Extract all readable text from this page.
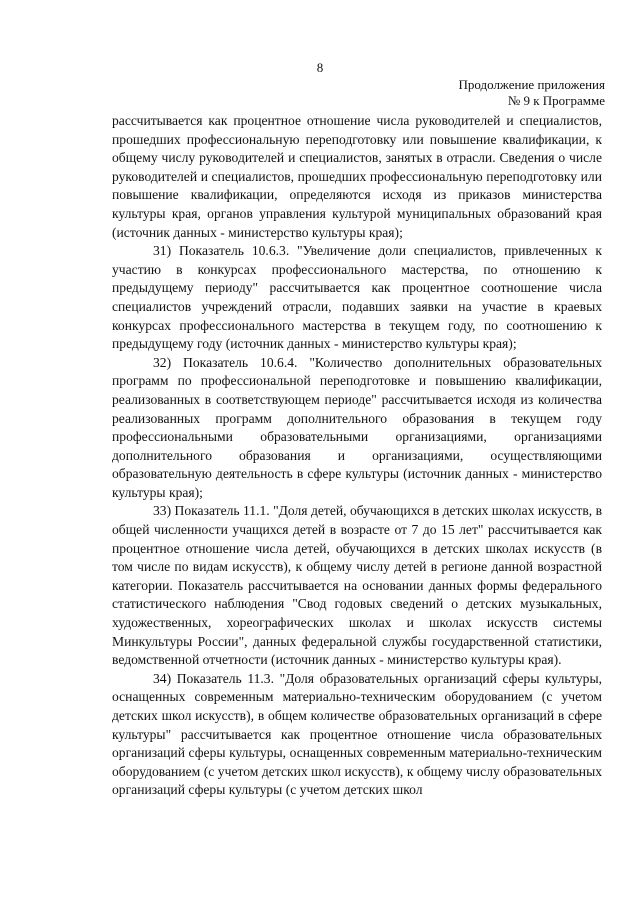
8
Продолжение приложения
№ 9 к Программе

рассчитывается как процентное отношение числа руководителей и специалистов, прошедших профессиональную переподготовку или повышение квалификации, к общему числу руководителей и специалистов, занятых в отрасли. Сведения о числе руководителей и специалистов, прошедших профессиональную переподготовку или повышение квалификации, определяются исходя из приказов министерства культуры края, органов управления культурой муниципальных образований края (источник данных - министерство культуры края);

31) Показатель 10.6.3. "Увеличение доли специалистов, привлеченных к участию в конкурсах профессионального мастерства, по отношению к предыдущему периоду" рассчитывается как процентное соотношение числа специалистов учреждений отрасли, подавших заявки на участие в краевых конкурсах профессионального мастерства в текущем году, по соотношению к предыдущему году (источник данных - министерство культуры края);

32) Показатель 10.6.4. "Количество дополнительных образовательных программ по профессиональной переподготовке и повышению квалификации, реализованных в соответствующем периоде" рассчитывается исходя из количества реализованных программ дополнительного образования в текущем году профессиональными образовательными организациями, организациями дополнительного образования и организациями, осуществляющими образовательную деятельность в сфере культуры (источник данных - министерство культуры края);

33) Показатель 11.1. "Доля детей, обучающихся в детских школах искусств, в общей численности учащихся детей в возрасте от 7 до 15 лет" рассчитывается как процентное отношение числа детей, обучающихся в детских школах искусств (в том числе по видам искусств), к общему числу детей в регионе данной возрастной категории. Показатель рассчитывается на основании данных формы федерального статистического наблюдения "Свод годовых сведений о детских музыкальных, художественных, хореографических школах и школах искусств системы Минкультуры России", данных федеральной службы государственной статистики, ведомственной отчетности (источник данных - министерство культуры края).

34) Показатель 11.3. "Доля образовательных организаций сферы культуры, оснащенных современным материально-техническим оборудованием (с учетом детских школ искусств), в общем количестве образовательных организаций в сфере культуры" рассчитывается как процентное отношение числа образовательных организаций сферы культуры, оснащенных современным материально-техническим оборудованием (с учетом детских школ искусств), к общему числу образовательных организаций сферы культуры (с учетом детских школ
